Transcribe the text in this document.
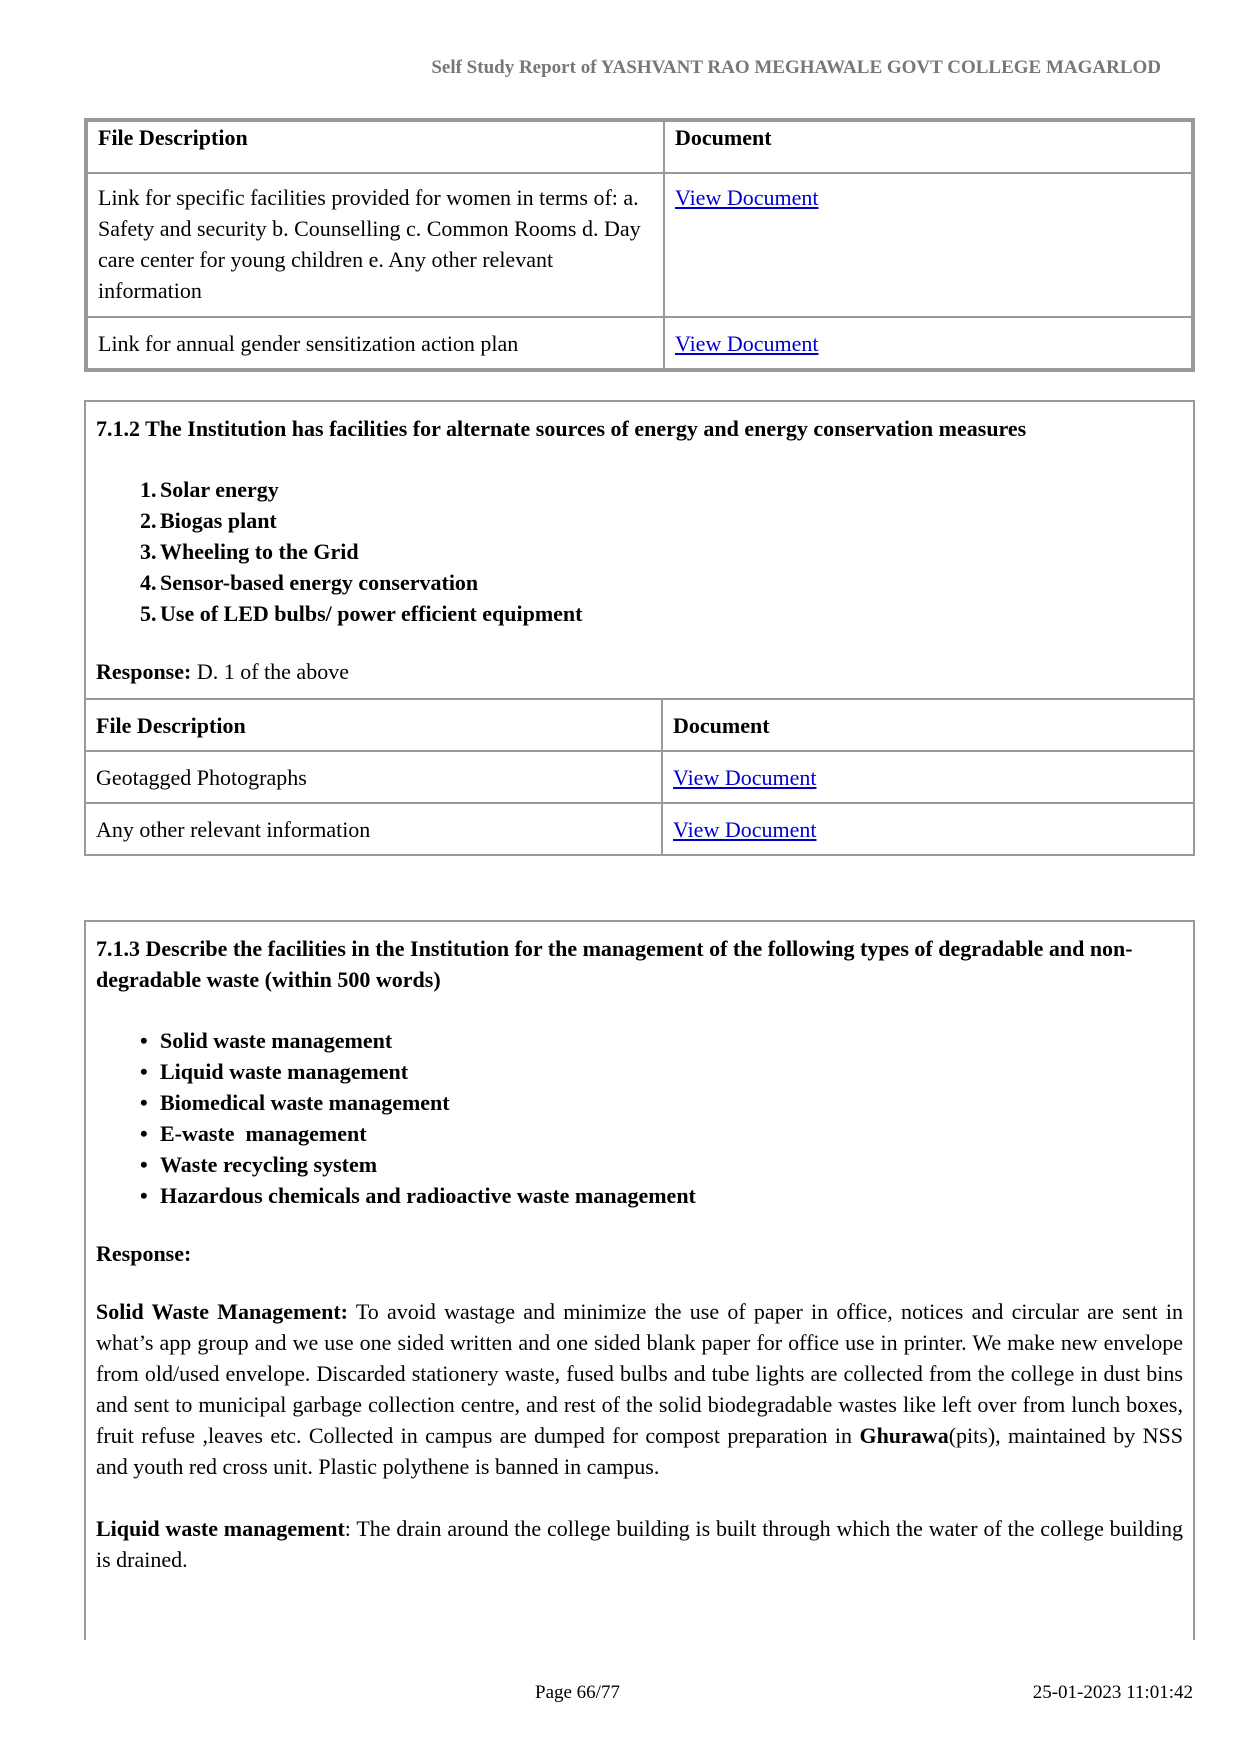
Self Study Report of YASHVANT RAO MEGHAWALE GOVT COLLEGE MAGARLOD
File Description	Document
Link for specific facilities provided for women in terms of: a. Safety and security b. Counselling c. Common Rooms d. Day care center for young children e. Any other relevant information	View Document
Link for annual gender sensitization action plan	View Document
7.1.2 The Institution has facilities for alternate sources of energy and energy conservation measures
1. Solar energy
2. Biogas plant
3. Wheeling to the Grid
4. Sensor-based energy conservation
5. Use of LED bulbs/ power efficient equipment
Response: D. 1 of the above
File Description	Document
Geotagged Photographs	View Document
Any other relevant information	View Document
7.1.3 Describe the facilities in the Institution for the management of the following types of degradable and non-degradable waste (within 500 words)
• Solid waste management
• Liquid waste management
• Biomedical waste management
• E-waste  management
• Waste recycling system
• Hazardous chemicals and radioactive waste management
Response:
Solid Waste Management: To avoid wastage and minimize the use of paper in office, notices and circular are sent in what’s app group and we use one sided written and one sided blank paper for office use in printer. We make new envelope from old/used envelope. Discarded stationery waste, fused bulbs and tube lights are collected from the college in dust bins and sent to municipal garbage collection centre, and rest of the solid biodegradable wastes like left over from lunch boxes, fruit refuse ,leaves etc. Collected in campus are dumped for compost preparation in Ghurawa(pits), maintained by NSS and youth red cross unit. Plastic polythene is banned in campus.
Liquid waste management: The drain around the college building is built through which the water of the college building is drained.
Page 66/77	25-01-2023 11:01:42
